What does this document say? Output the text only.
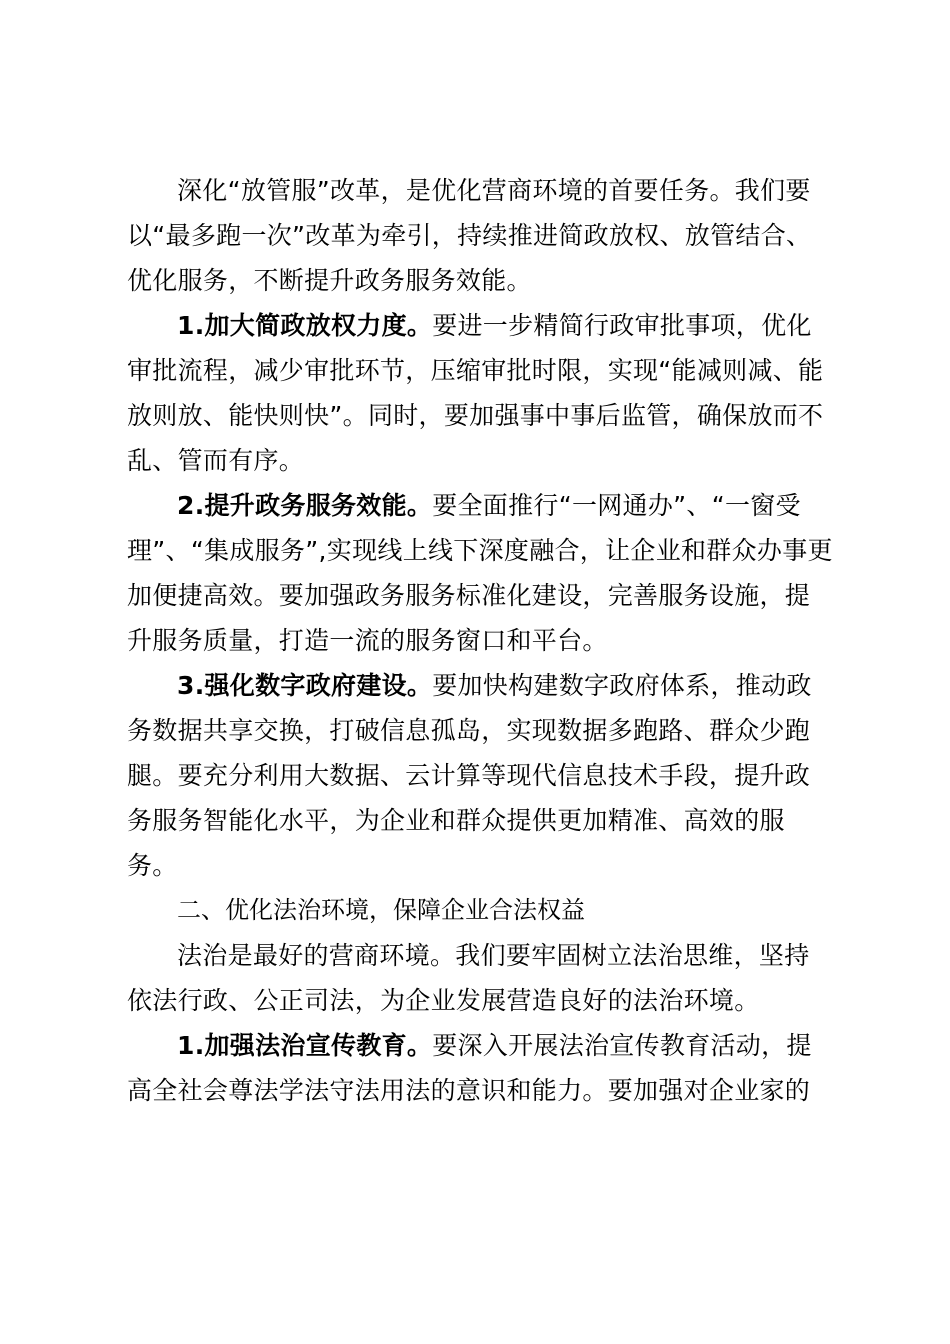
深化“放管服”改革，是优化营商环境的首要任务。我们要以“最多跑一次”改革为牵引，持续推进简政放权、放管结合、优化服务，不断提升政务服务效能。

1.加大简政放权力度。要进一步精简行政审批事项，优化审批流程，减少审批环节，压缩审批时限，实现“能减则减、能放则放、能快则快”。同时，要加强事中事后监管，确保放而不乱、管而有序。

2.提升政务服务效能。要全面推行“一网通办”、“一窗受理”、“集成服务”,实现线上线下深度融合，让企业和群众办事更加便捷高效。要加强政务服务标准化建设，完善服务设施，提升服务质量，打造一流的服务窗口和平台。

3.强化数字政府建设。要加快构建数字政府体系，推动政务数据共享交换，打破信息孤岛，实现数据多跑路、群众少跑腿。要充分利用大数据、云计算等现代信息技术手段，提升政务服务智能化水平，为企业和群众提供更加精准、高效的服务。

二、优化法治环境，保障企业合法权益

法治是最好的营商环境。我们要牢固树立法治思维，坚持依法行政、公正司法，为企业发展营造良好的法治环境。

1.加强法治宣传教育。要深入开展法治宣传教育活动，提高全社会尊法学法守法用法的意识和能力。要加强对企业家的
